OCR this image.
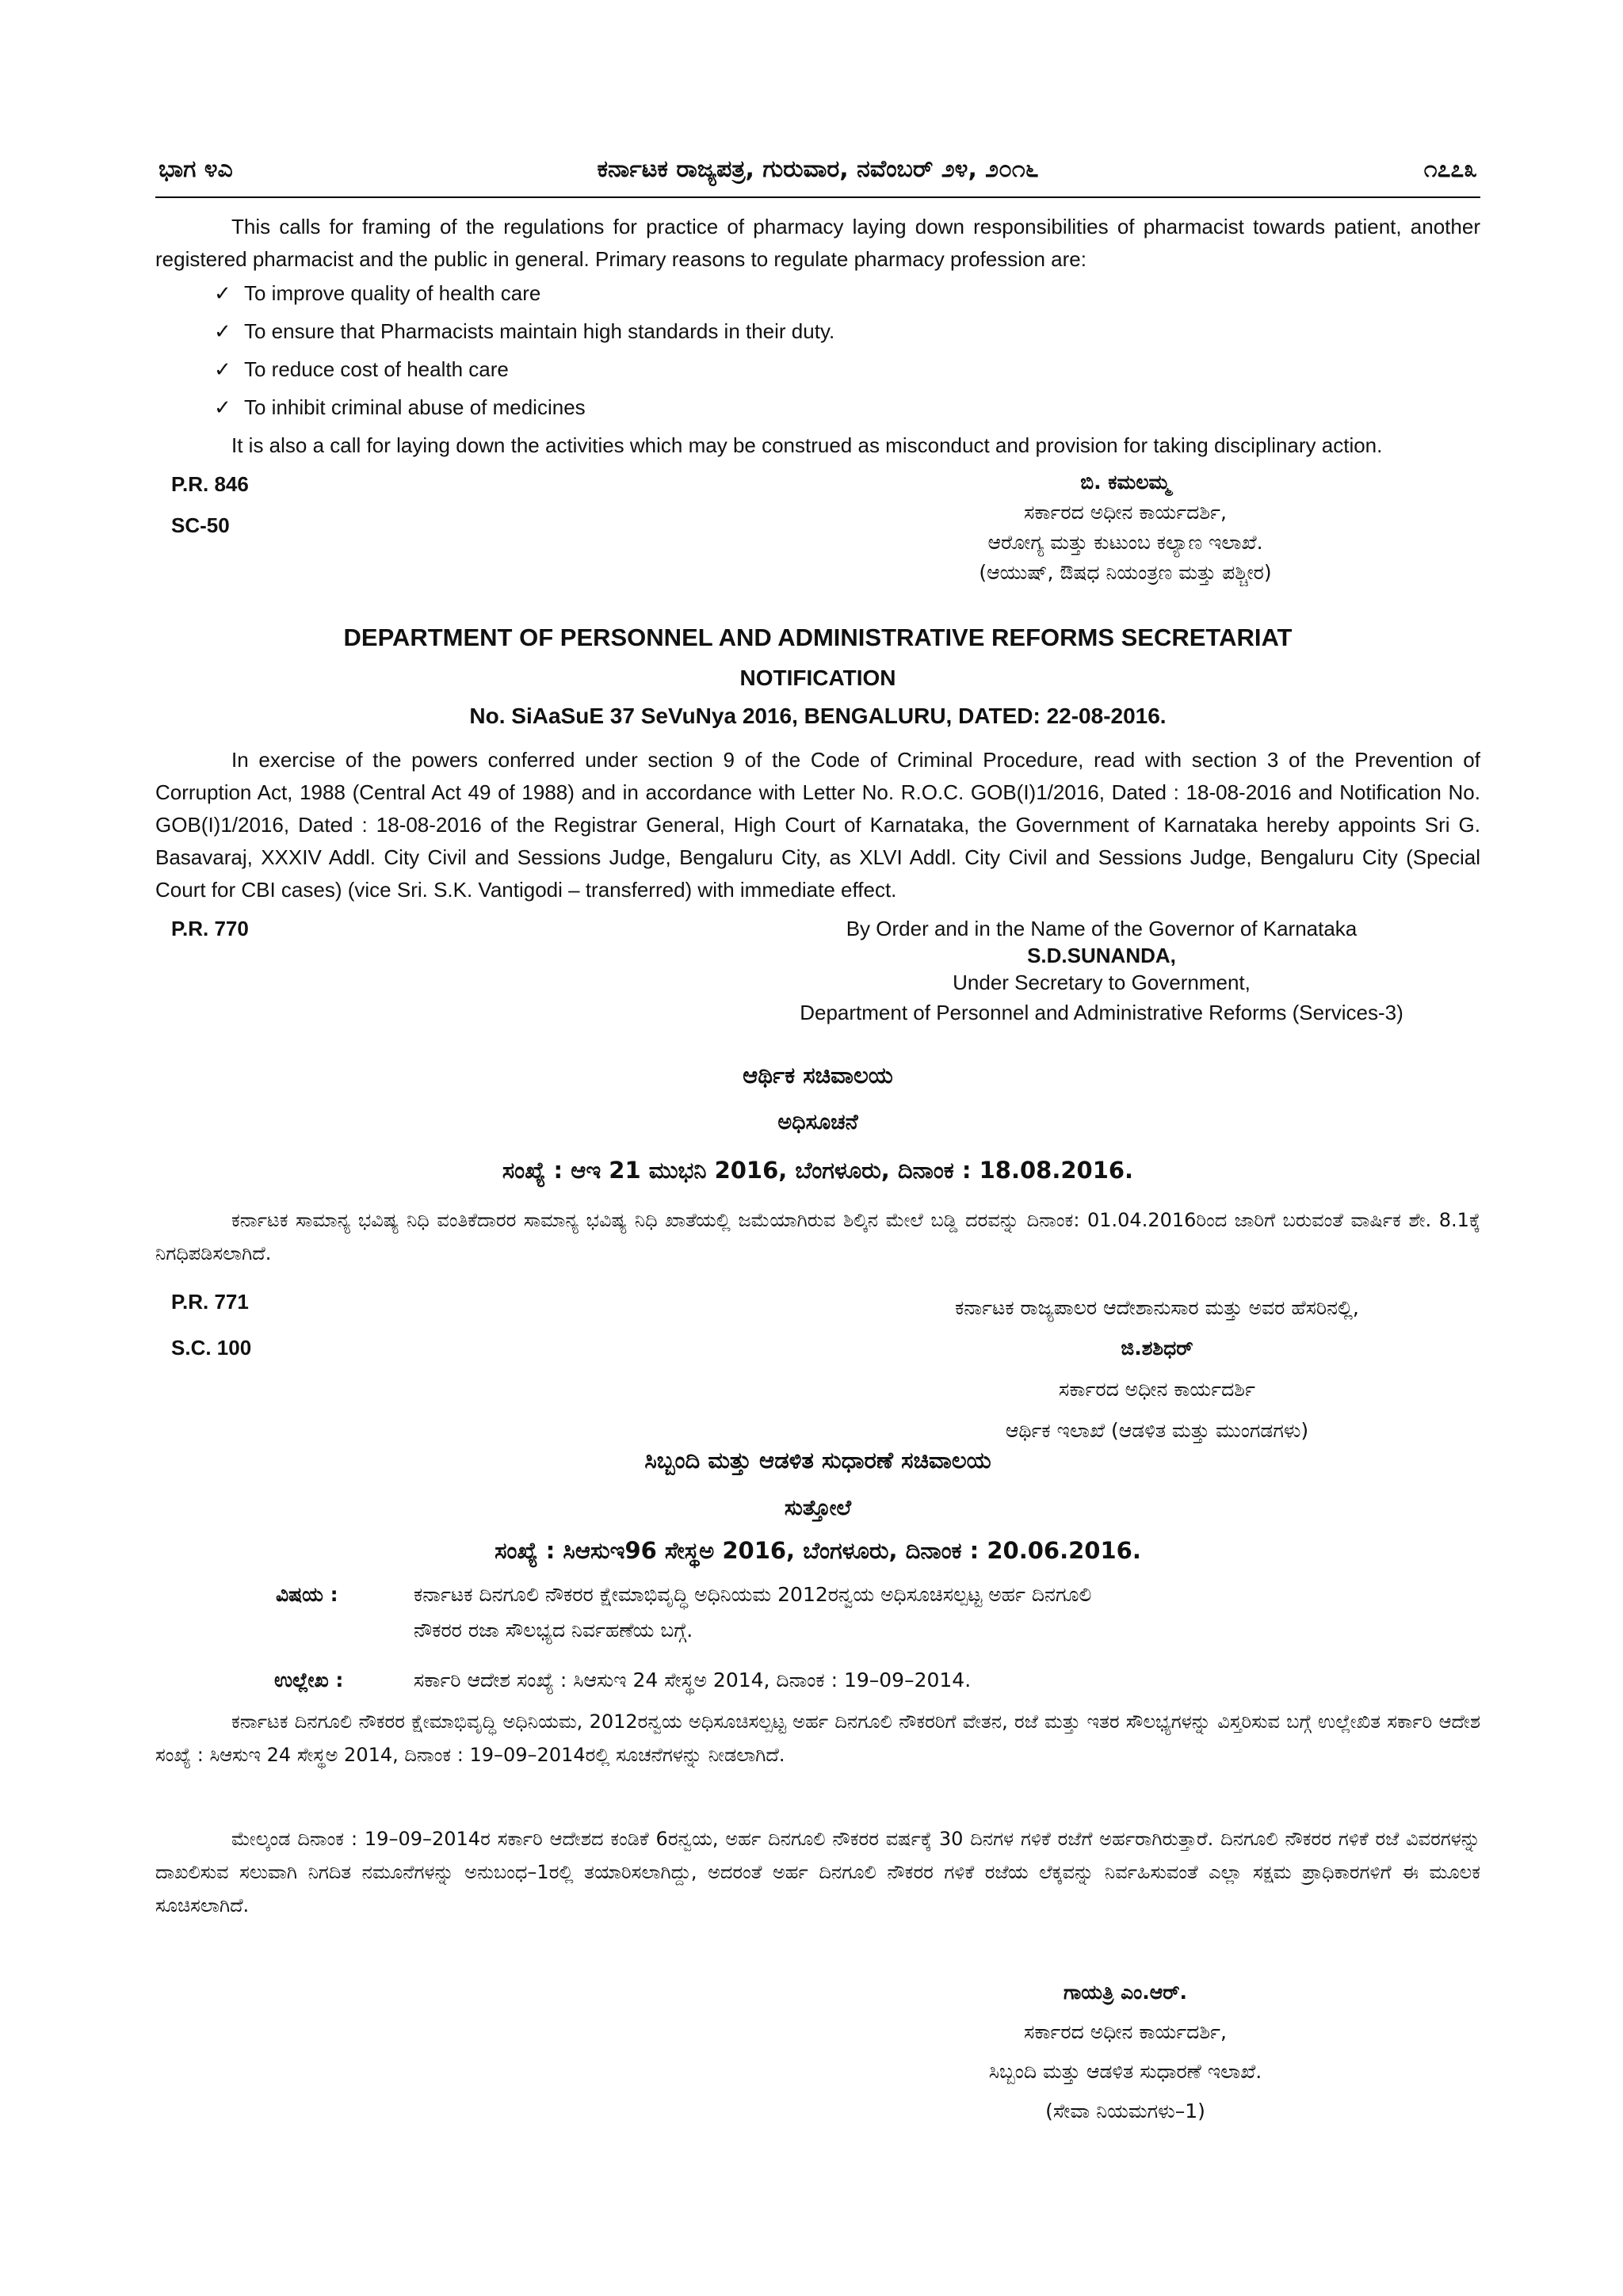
ಭಾಗ ೪ಎ	ಕರ್ನಾಟಕ ರಾಜ್ಯಪತ್ರ, ಗುರುವಾರ, ನವೆಂಬರ್ ೨೪, ೨೦೧೬	೧೭೭೩
This calls for framing of the regulations for practice of pharmacy laying down responsibilities of pharmacist towards patient, another registered pharmacist and the public in general. Primary reasons to regulate pharmacy profession are:
✓ To improve quality of health care
✓ To ensure that Pharmacists maintain high standards in their duty.
✓ To reduce cost of health care
✓ To inhibit criminal abuse of medicines
It is also a call for laying down the activities which may be construed as misconduct and provision for taking disciplinary action.
P.R. 846
SC-50
ಬಿ. ಕಮಲಮ್ಮ
ಸರ್ಕಾರದ ಅಧೀನ ಕಾರ್ಯದರ್ಶಿ,
ಆರೋಗ್ಯ ಮತ್ತು ಕುಟುಂಬ ಕಲ್ಯಾಣ ಇಲಾಖೆ.
(ಆಯುಷ್, ಔಷಧ ನಿಯಂತ್ರಣ ಮತ್ತು ಪಶ್ಚೀರ)
DEPARTMENT OF PERSONNEL AND ADMINISTRATIVE REFORMS SECRETARIAT
NOTIFICATION
No. SiAaSuE 37 SeVuNya 2016, BENGALURU, DATED: 22-08-2016.
In exercise of the powers conferred under section 9 of the Code of Criminal Procedure, read with section 3 of the Prevention of Corruption Act, 1988 (Central Act 49 of 1988) and in accordance with Letter No. R.O.C. GOB(I)1/2016, Dated : 18-08-2016 and Notification No. GOB(I)1/2016, Dated : 18-08-2016 of the Registrar General, High Court of Karnataka, the Government of Karnataka hereby appoints Sri G. Basavaraj, XXXIV Addl. City Civil and Sessions Judge, Bengaluru City, as XLVI Addl. City Civil and Sessions Judge, Bengaluru City (Special Court for CBI cases) (vice Sri. S.K. Vantigodi – transferred) with immediate effect.
P.R. 770	By Order and in the Name of the Governor of Karnataka
S.D.SUNANDA,
Under Secretary to Government,
Department of Personnel and Administrative Reforms (Services-3)
ಆರ್ಥಿಕ ಸಚಿವಾಲಯ
ಅಧಿಸೂಚನೆ
ಸಂಖ್ಯೆ : ಆಇ 21 ಮುಭನಿ 2016, ಬೆಂಗಳೂರು, ದಿನಾಂಕ : 18.08.2016.
ಕರ್ನಾಟಕ ಸಾಮಾನ್ಯ ಭವಿಷ್ಯ ನಿಧಿ ವಂತಿಕೆದಾರರ ಸಾಮಾನ್ಯ ಭವಿಷ್ಯ ನಿಧಿ ಖಾತೆಯಲ್ಲಿ ಜಮೆಯಾಗಿರುವ ಶಿಲ್ಕಿನ ಮೇಲೆ ಬಡ್ಡಿ ದರವನ್ನು ದಿನಾಂಕ: 01.04.2016ರಿಂದ ಜಾರಿಗೆ ಬರುವಂತೆ ವಾರ್ಷಿಕ ಶೇ. 8.1ಕ್ಕೆ ನಿಗಧಿಪಡಿಸಲಾಗಿದೆ.
P.R. 771
S.C. 100
ಕರ್ನಾಟಕ ರಾಜ್ಯಪಾಲರ ಆದೇಶಾನುಸಾರ ಮತ್ತು ಅವರ ಹೆಸರಿನಲ್ಲಿ,
ಜಿ.ಶಶಿಧರ್
ಸರ್ಕಾರದ ಅಧೀನ ಕಾರ್ಯದರ್ಶಿ
ಆರ್ಥಿಕ ಇಲಾಖೆ (ಆಡಳಿತ ಮತ್ತು ಮುಂಗಡಗಳು)
ಸಿಬ್ಬಂದಿ ಮತ್ತು ಆಡಳಿತ ಸುಧಾರಣೆ ಸಚಿವಾಲಯ
ಸುತ್ತೋಲೆ
ಸಂಖ್ಯೆ : ಸಿಆಸುಇ96 ಸೇಸ್ಥಅ 2016, ಬೆಂಗಳೂರು, ದಿನಾಂಕ : 20.06.2016.
ವಿಷಯ :	ಕರ್ನಾಟಕ ದಿನಗೂಲಿ ನೌಕರರ ಕ್ಷೇಮಾಭಿವೃದ್ಧಿ ಅಧಿನಿಯಮ 2012ರನ್ವಯ ಅಧಿಸೂಚಿಸಲ್ಪಟ್ಟ ಅರ್ಹ ದಿನಗೂಲಿ
ನೌಕರರ ರಜಾ ಸೌಲಭ್ಯದ ನಿರ್ವಹಣೆಯ ಬಗ್ಗೆ.
ಉಲ್ಲೇಖ :	ಸರ್ಕಾರಿ ಆದೇಶ ಸಂಖ್ಯೆ : ಸಿಆಸುಇ 24 ಸೇಸ್ಥಅ 2014, ದಿನಾಂಕ : 19–09–2014.
ಕರ್ನಾಟಕ ದಿನಗೂಲಿ ನೌಕರರ ಕ್ಷೇಮಾಭಿವೃದ್ಧಿ ಅಧಿನಿಯಮ, 2012ರನ್ವಯ ಅಧಿಸೂಚಿಸಲ್ಪಟ್ಟ ಅರ್ಹ ದಿನಗೂಲಿ ನೌಕರರಿಗೆ ವೇತನ, ರಜೆ ಮತ್ತು ಇತರ ಸೌಲಭ್ಯಗಳನ್ನು ವಿಸ್ತರಿಸುವ ಬಗ್ಗೆ ಉಲ್ಲೇಖಿತ ಸರ್ಕಾರಿ ಆದೇಶ ಸಂಖ್ಯೆ : ಸಿಆಸುಇ 24 ಸೇಸ್ಥಅ 2014, ದಿನಾಂಕ : 19–09–2014ರಲ್ಲಿ ಸೂಚನೆಗಳನ್ನು ನೀಡಲಾಗಿದೆ.
ಮೇಲ್ಕಂಡ ದಿನಾಂಕ : 19–09–2014ರ ಸರ್ಕಾರಿ ಆದೇಶದ ಕಂಡಿಕೆ 6ರನ್ವಯ, ಅರ್ಹ ದಿನಗೂಲಿ ನೌಕರರ ವರ್ಷಕ್ಕೆ 30 ದಿನಗಳ ಗಳಿಕೆ ರಜೆಗೆ ಅರ್ಹರಾಗಿರುತ್ತಾರೆ. ದಿನಗೂಲಿ ನೌಕರರ ಗಳಿಕೆ ರಜೆ ವಿವರಗಳನ್ನು ದಾಖಲಿಸುವ ಸಲುವಾಗಿ ನಿಗದಿತ ನಮೂನೆಗಳನ್ನು ಅನುಬಂಧ–1ರಲ್ಲಿ ತಯಾರಿಸಲಾಗಿದ್ದು, ಅದರಂತೆ ಅರ್ಹ ದಿನಗೂಲಿ ನೌಕರರ ಗಳಿಕೆ ರಜೆಯ ಲೆಕ್ಕವನ್ನು ನಿರ್ವಹಿಸುವಂತೆ ಎಲ್ಲಾ ಸಕ್ಷಮ ಪ್ರಾಧಿಕಾರಗಳಿಗೆ ಈ ಮೂಲಕ ಸೂಚಿಸಲಾಗಿದೆ.
ಗಾಯತ್ರಿ ಎಂ.ಆರ್.
ಸರ್ಕಾರದ ಅಧೀನ ಕಾರ್ಯದರ್ಶಿ,
ಸಿಬ್ಬಂದಿ ಮತ್ತು ಆಡಳಿತ ಸುಧಾರಣೆ ಇಲಾಖೆ.
(ಸೇವಾ ನಿಯಮಗಳು–1)
